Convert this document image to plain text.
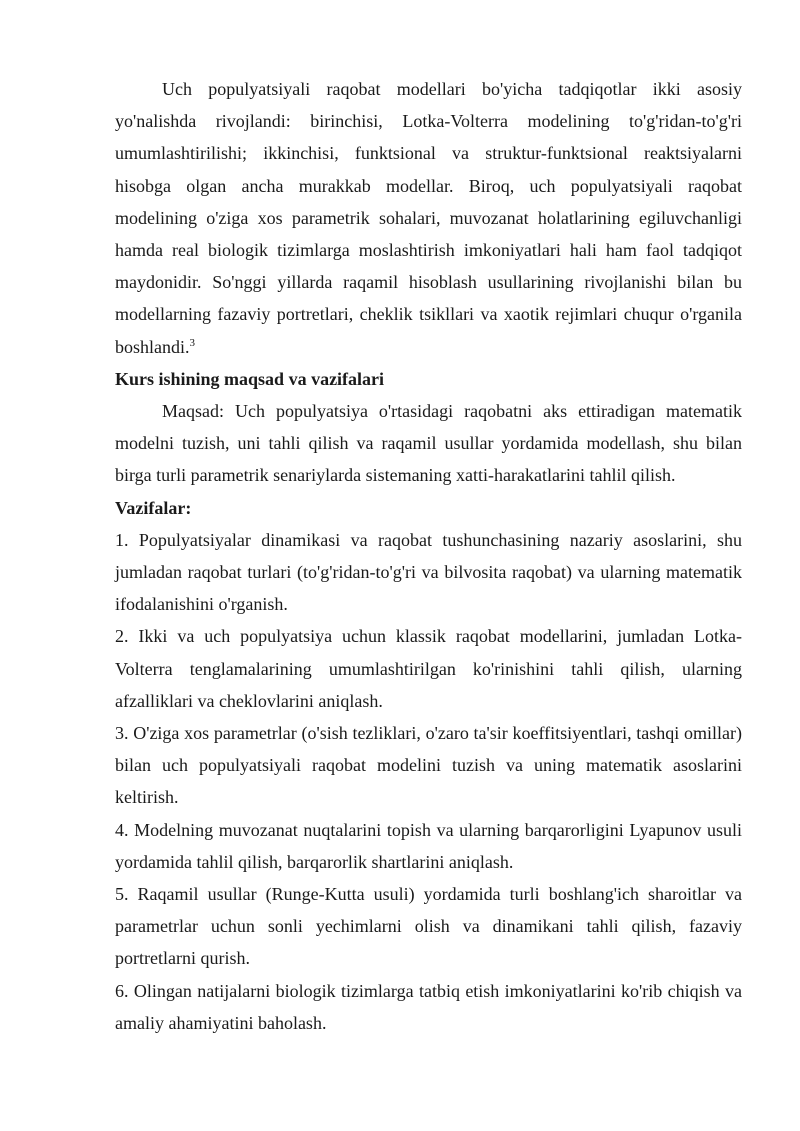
Uch populyatsiyali raqobat modellari bo'yicha tadqiqotlar ikki asosiy yo'nalishda rivojlandi: birinchisi, Lotka-Volterra modelining to'g'ridan-to'g'ri umumlashtirilishi; ikkinchisi, funktsional va struktur-funktsional reaktsiyalarni hisobga olgan ancha murakkab modellar. Biroq, uch populyatsiyali raqobat modelining o'ziga xos parametrik sohalari, muvozanat holatlarining egiluvchanligi hamda real biologik tizimlarga moslashtirish imkoniyatlari hali ham faol tadqiqot maydonidir. So'nggi yillarda raqamil hisoblash usullarining rivojlanishi bilan bu modellarning fazaviy portretlari, cheklik tsikllari va xaotik rejimlari chuqur o'rganila boshlandi.$^3$

Kurs ishining maqsad va vazifalari

Maqsad: Uch populyatsiya o'rtasidagi raqobatni aks ettiradigan matematik modelni tuzish, uni tahli qilish va raqamil usullar yordamida modellash, shu bilan birga turli parametrik senariylarda sistemaning xatti-harakatlarini tahlil qilish.

Vazifalar:

1. Populyatsiyalar dinamikasi va raqobat tushunchasining nazariy asoslarini, shu jumladan raqobat turlari (to'g'ridan-to'g'ri va bilvosita raqobat) va ularning matematik ifodalanishini o'rganish.

2. Ikki va uch populyatsiya uchun klassik raqobat modellarini, jumladan Lotka-Volterra tenglamalarining umumlashtirilgan ko'rinishini tahli qilish, ularning afzalliklari va cheklovlarini aniqlash.

3. O'ziga xos parametrlar (o'sish tezliklari, o'zaro ta'sir koeffitsiyentlari, tashqi omillar) bilan uch populyatsiyali raqobat modelini tuzish va uning matematik asoslarini keltirish.

4. Modelning muvozanat nuqtalarini topish va ularning barqarorligini Lyapunov usuli yordamida tahlil qilish, barqarorlik shartlarini aniqlash.

5. Raqamil usullar (Runge-Kutta usuli) yordamida turli boshlang'ich sharoitlar va parametrlar uchun sonli yechimlarni olish va dinamikani tahli qilish, fazaviy portretlarni qurish.

6. Olingan natijalarni biologik tizimlarga tatbiq etish imkoniyatlarini ko'rib chiqish va amaliy ahamiyatini baholash.
